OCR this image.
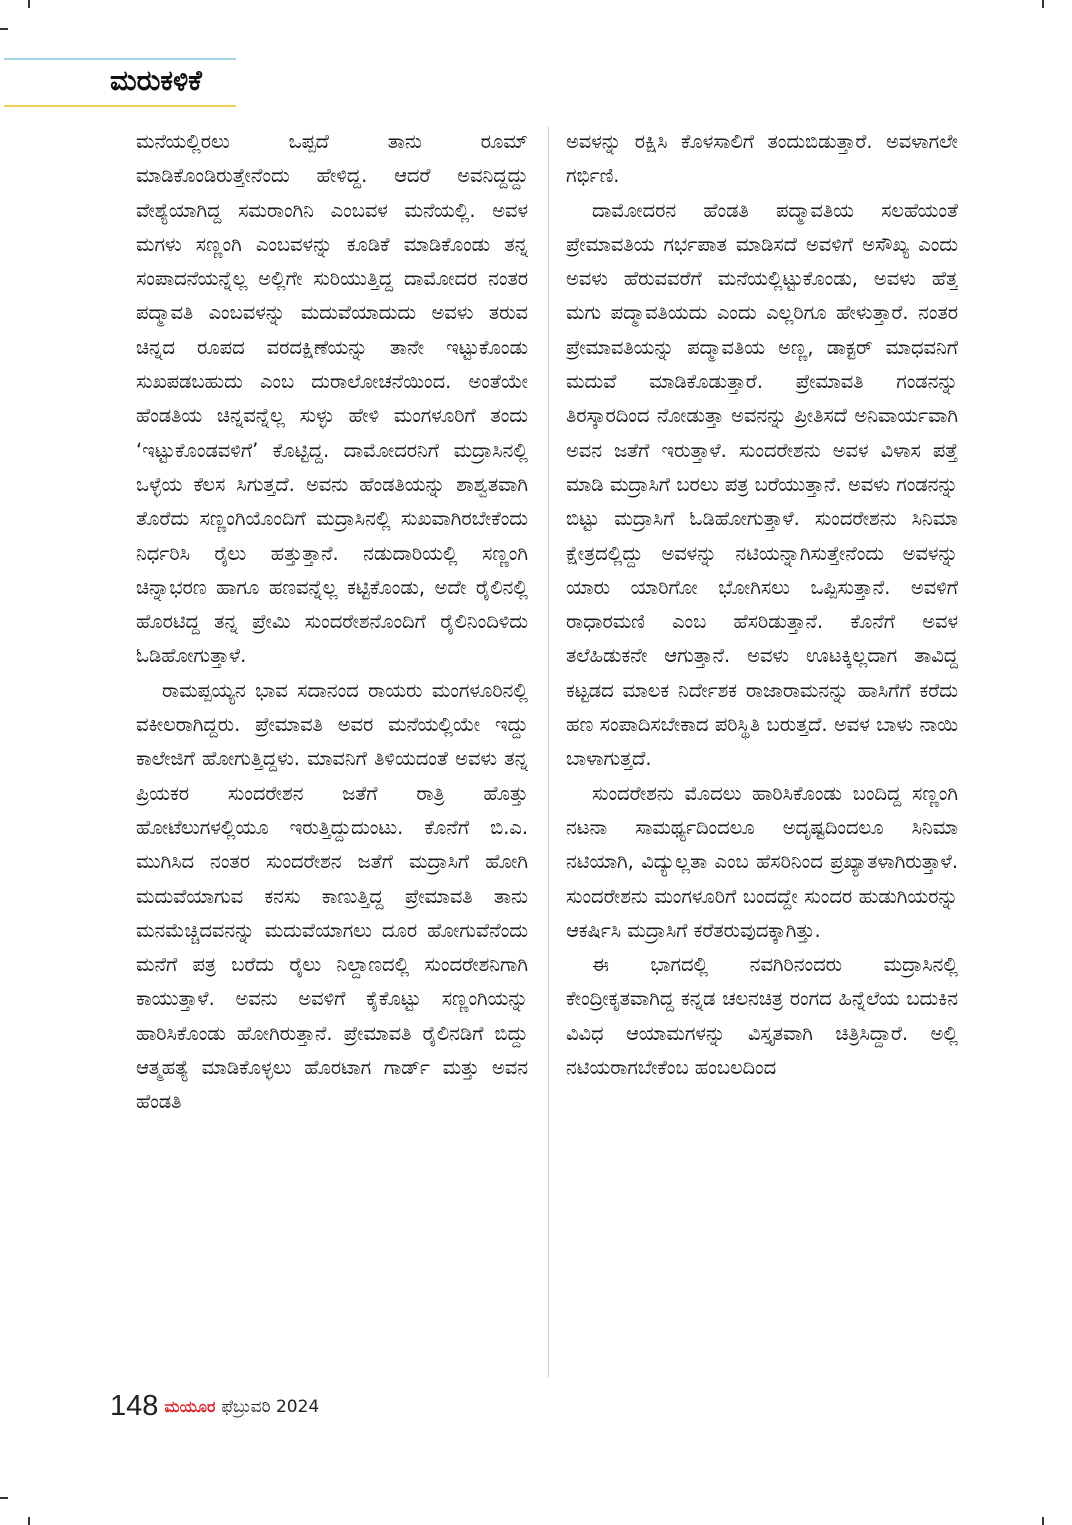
ಮರುಕಳಿಕೆ

ಮನೆಯಲ್ಲಿರಲು ಒಪ್ಪದೆ ತಾನು ರೂಮ್ ಮಾಡಿಕೊಂಡಿರುತ್ತೇನೆಂದು ಹೇಳಿದ್ದ. ಆದರೆ ಅವನಿದ್ದದ್ದು ವೇಶ್ಯೆಯಾಗಿದ್ದ ಸಮರಾಂಗಿನಿ ಎಂಬವಳ ಮನೆಯಲ್ಲಿ. ಅವಳ ಮಗಳು ಸಣ್ಣಂಗಿ ಎಂಬವಳನ್ನು ಕೂಡಿಕೆ ಮಾಡಿಕೊಂಡು ತನ್ನ ಸಂಪಾದನೆಯನ್ನೆಲ್ಲ ಅಲ್ಲಿಗೇ ಸುರಿಯುತ್ತಿದ್ದ ದಾಮೋದರ ನಂತರ ಪದ್ಮಾವತಿ ಎಂಬವಳನ್ನು ಮದುವೆಯಾದುದು ಅವಳು ತರುವ ಚಿನ್ನದ ರೂಪದ ವರದಕ್ಷಿಣೆಯನ್ನು ತಾನೇ ಇಟ್ಟುಕೊಂಡು ಸುಖಪಡಬಹುದು ಎಂಬ ದುರಾಲೋಚನೆಯಿಂದ. ಅಂತೆಯೇ ಹೆಂಡತಿಯ ಚಿನ್ನವನ್ನೆಲ್ಲ ಸುಳ್ಳು ಹೇಳಿ ಮಂಗಳೂರಿಗೆ ತಂದು ‘ಇಟ್ಟುಕೊಂಡವಳಿಗೆ’ ಕೊಟ್ಟಿದ್ದ. ದಾಮೋದರನಿಗೆ ಮದ್ರಾಸಿನಲ್ಲಿ ಒಳ್ಳೆಯ ಕೆಲಸ ಸಿಗುತ್ತದೆ. ಅವನು ಹೆಂಡತಿಯನ್ನು ಶಾಶ್ವತವಾಗಿ ತೊರೆದು ಸಣ್ಣಂಗಿಯೊಂದಿಗೆ ಮದ್ರಾಸಿನಲ್ಲಿ ಸುಖವಾಗಿರಬೇಕೆಂದು ನಿರ್ಧರಿಸಿ ರೈಲು ಹತ್ತುತ್ತಾನೆ. ನಡುದಾರಿಯಲ್ಲಿ ಸಣ್ಣಂಗಿ ಚಿನ್ನಾಭರಣ ಹಾಗೂ ಹಣವನ್ನೆಲ್ಲ ಕಟ್ಟಿಕೊಂಡು, ಅದೇ ರೈಲಿನಲ್ಲಿ ಹೊರಟಿದ್ದ ತನ್ನ ಪ್ರೇಮಿ ಸುಂದರೇಶನೊಂದಿಗೆ ರೈಲಿನಿಂದಿಳಿದು ಓಡಿಹೋಗುತ್ತಾಳೆ.

ರಾಮಪ್ಪಯ್ಯನ ಭಾವ ಸದಾನಂದ ರಾಯರು ಮಂಗಳೂರಿನಲ್ಲಿ ವಕೀಲರಾಗಿದ್ದರು. ಪ್ರೇಮಾವತಿ ಅವರ ಮನೆಯಲ್ಲಿಯೇ ಇದ್ದು ಕಾಲೇಜಿಗೆ ಹೋಗುತ್ತಿದ್ದಳು. ಮಾವನಿಗೆ ತಿಳಿಯದಂತೆ ಅವಳು ತನ್ನ ಪ್ರಿಯಕರ ಸುಂದರೇಶನ ಜತೆಗೆ ರಾತ್ರಿ ಹೊತ್ತು ಹೋಟೆಲುಗಳಲ್ಲಿಯೂ ಇರುತ್ತಿದ್ದುದುಂಟು. ಕೊನೆಗೆ ಬಿ.ಎ. ಮುಗಿಸಿದ ನಂತರ ಸುಂದರೇಶನ ಜತೆಗೆ ಮದ್ರಾಸಿಗೆ ಹೋಗಿ ಮದುವೆಯಾಗುವ ಕನಸು ಕಾಣುತ್ತಿದ್ದ ಪ್ರೇಮಾವತಿ ತಾನು ಮನಮೆಚ್ಚಿದವನನ್ನು ಮದುವೆಯಾಗಲು ದೂರ ಹೋಗುವೆನೆಂದು ಮನೆಗೆ ಪತ್ರ ಬರೆದು ರೈಲು ನಿಲ್ದಾಣದಲ್ಲಿ ಸುಂದರೇಶನಿಗಾಗಿ ಕಾಯುತ್ತಾಳೆ. ಅವನು ಅವಳಿಗೆ ಕೈಕೊಟ್ಟು ಸಣ್ಣಂಗಿಯನ್ನು ಹಾರಿಸಿಕೊಂಡು ಹೋಗಿರುತ್ತಾನೆ. ಪ್ರೇಮಾವತಿ ರೈಲಿನಡಿಗೆ ಬಿದ್ದು ಆತ್ಮಹತ್ಯೆ ಮಾಡಿಕೊಳ್ಳಲು ಹೊರಟಾಗ ಗಾರ್ಡ್ ಮತ್ತು ಅವನ ಹೆಂಡತಿ

ಅವಳನ್ನು ರಕ್ಷಿಸಿ ಕೊಳಸಾಲಿಗೆ ತಂದುಬಿಡುತ್ತಾರೆ. ಅವಳಾಗಲೇ ಗರ್ಭಿಣಿ.

ದಾಮೋದರನ ಹೆಂಡತಿ ಪದ್ಮಾವತಿಯ ಸಲಹೆಯಂತೆ ಪ್ರೇಮಾವತಿಯ ಗರ್ಭಪಾತ ಮಾಡಿಸದೆ ಅವಳಿಗೆ ಅಸೌಖ್ಯ ಎಂದು ಅವಳು ಹೆರುವವರೆಗೆ ಮನೆಯಲ್ಲಿಟ್ಟುಕೊಂಡು, ಅವಳು ಹೆತ್ತ ಮಗು ಪದ್ಮಾವತಿಯದು ಎಂದು ಎಲ್ಲರಿಗೂ ಹೇಳುತ್ತಾರೆ. ನಂತರ ಪ್ರೇಮಾವತಿಯನ್ನು ಪದ್ಮಾವತಿಯ ಅಣ್ಣ, ಡಾಕ್ಟರ್ ಮಾಧವನಿಗೆ ಮದುವೆ ಮಾಡಿಕೊಡುತ್ತಾರೆ. ಪ್ರೇಮಾವತಿ ಗಂಡನನ್ನು ತಿರಸ್ಕಾರದಿಂದ ನೋಡುತ್ತಾ ಅವನನ್ನು ಪ್ರೀತಿಸದೆ ಅನಿವಾರ್ಯವಾಗಿ ಅವನ ಜತೆಗೆ ಇರುತ್ತಾಳೆ. ಸುಂದರೇಶನು ಅವಳ ವಿಳಾಸ ಪತ್ತೆ ಮಾಡಿ ಮದ್ರಾಸಿಗೆ ಬರಲು ಪತ್ರ ಬರೆಯುತ್ತಾನೆ. ಅವಳು ಗಂಡನನ್ನು ಬಿಟ್ಟು ಮದ್ರಾಸಿಗೆ ಓಡಿಹೋಗುತ್ತಾಳೆ. ಸುಂದರೇಶನು ಸಿನಿಮಾ ಕ್ಷೇತ್ರದಲ್ಲಿದ್ದು ಅವಳನ್ನು ನಟಿಯನ್ನಾಗಿಸುತ್ತೇನೆಂದು ಅವಳನ್ನು ಯಾರು ಯಾರಿಗೋ ಭೋಗಿಸಲು ಒಪ್ಪಿಸುತ್ತಾನೆ. ಅವಳಿಗೆ ರಾಧಾರಮಣಿ ಎಂಬ ಹೆಸರಿಡುತ್ತಾನೆ. ಕೊನೆಗೆ ಅವಳ ತಲೆಹಿಡುಕನೇ ಆಗುತ್ತಾನೆ. ಅವಳು ಊಟಕ್ಕಿಲ್ಲದಾಗ ತಾವಿದ್ದ ಕಟ್ಟಡದ ಮಾಲಕ ನಿರ್ದೇಶಕ ರಾಜಾರಾಮನನ್ನು ಹಾಸಿಗೆಗೆ ಕರೆದು ಹಣ ಸಂಪಾದಿಸಬೇಕಾದ ಪರಿಸ್ಥಿತಿ ಬರುತ್ತದೆ. ಅವಳ ಬಾಳು ನಾಯಿ ಬಾಳಾಗುತ್ತದೆ.

ಸುಂದರೇಶನು ಮೊದಲು ಹಾರಿಸಿಕೊಂಡು ಬಂದಿದ್ದ ಸಣ್ಣಂಗಿ ನಟನಾ ಸಾಮರ್ಥ್ಯದಿಂದಲೂ ಅದೃಷ್ಟದಿಂದಲೂ ಸಿನಿಮಾ ನಟಿಯಾಗಿ, ವಿದ್ಯುಲ್ಲತಾ ಎಂಬ ಹೆಸರಿನಿಂದ ಪ್ರಖ್ಯಾತಳಾಗಿರುತ್ತಾಳೆ. ಸುಂದರೇಶನು ಮಂಗಳೂರಿಗೆ ಬಂದದ್ದೇ ಸುಂದರ ಹುಡುಗಿಯರನ್ನು ಆಕರ್ಷಿಸಿ ಮದ್ರಾಸಿಗೆ ಕರೆತರುವುದಕ್ಕಾಗಿತ್ತು.

ಈ ಭಾಗದಲ್ಲಿ ನವಗಿರಿನಂದರು ಮದ್ರಾಸಿನಲ್ಲಿ ಕೇಂದ್ರೀಕೃತವಾಗಿದ್ದ ಕನ್ನಡ ಚಲನಚಿತ್ರ ರಂಗದ ಹಿನ್ನೆಲೆಯ ಬದುಕಿನ ವಿವಿಧ ಆಯಾಮಗಳನ್ನು ವಿಸ್ತೃತವಾಗಿ ಚಿತ್ರಿಸಿದ್ದಾರೆ. ಅಲ್ಲಿ ನಟಿಯರಾಗಬೇಕೆಂಬ ಹಂಬಲದಿಂದ

148 ಮಯೂರ ಫೆಬ್ರುವರಿ 2024
